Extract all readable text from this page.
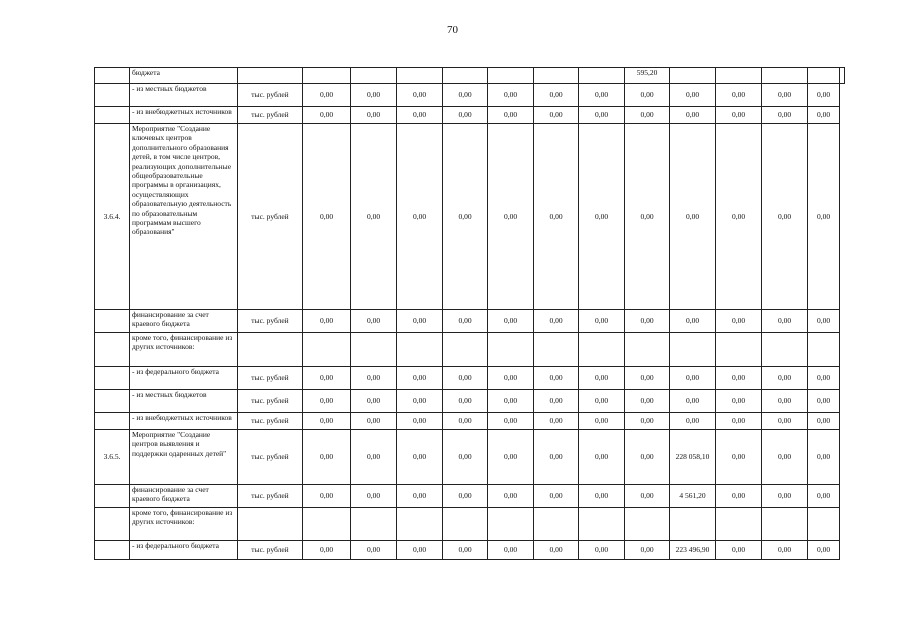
70
	бюджета									595,20					
	- из местных бюджетов	тыс. рублей	0,00	0,00	0,00	0,00	0,00	0,00	0,00	0,00	0,00	0,00	0,00	0,00	
	- из внебюджетных источников	тыс. рублей	0,00	0,00	0,00	0,00	0,00	0,00	0,00	0,00	0,00	0,00	0,00	0,00	
3.6.4.	Мероприятие "Создание ключевых центров дополнительного образования детей, в том числе центров, реализующих дополнительные общеобразовательные программы в организациях, осуществляющих образовательную деятельность по образовательным программам высшего образования"	тыс. рублей	0,00	0,00	0,00	0,00	0,00	0,00	0,00	0,00	0,00	0,00	0,00	0,00	
	финансирование за счет краевого бюджета	тыс. рублей	0,00	0,00	0,00	0,00	0,00	0,00	0,00	0,00	0,00	0,00	0,00	0,00	
	кроме того, финансирование из других источников:														
	- из федерального бюджета	тыс. рублей	0,00	0,00	0,00	0,00	0,00	0,00	0,00	0,00	0,00	0,00	0,00	0,00	
	- из местных бюджетов	тыс. рублей	0,00	0,00	0,00	0,00	0,00	0,00	0,00	0,00	0,00	0,00	0,00	0,00	
	- из внебюджетных источников	тыс. рублей	0,00	0,00	0,00	0,00	0,00	0,00	0,00	0,00	0,00	0,00	0,00	0,00	
3.6.5.	Мероприятие "Создание центров выявления и поддержки одаренных детей"	тыс. рублей	0,00	0,00	0,00	0,00	0,00	0,00	0,00	0,00	228 058,10	0,00	0,00	0,00	
	финансирование за счет краевого бюджета	тыс. рублей	0,00	0,00	0,00	0,00	0,00	0,00	0,00	0,00	4 561,20	0,00	0,00	0,00	
	кроме того, финансирование из других источников:														
	- из федерального бюджета	тыс. рублей	0,00	0,00	0,00	0,00	0,00	0,00	0,00	0,00	223 496,90	0,00	0,00	0,00	
